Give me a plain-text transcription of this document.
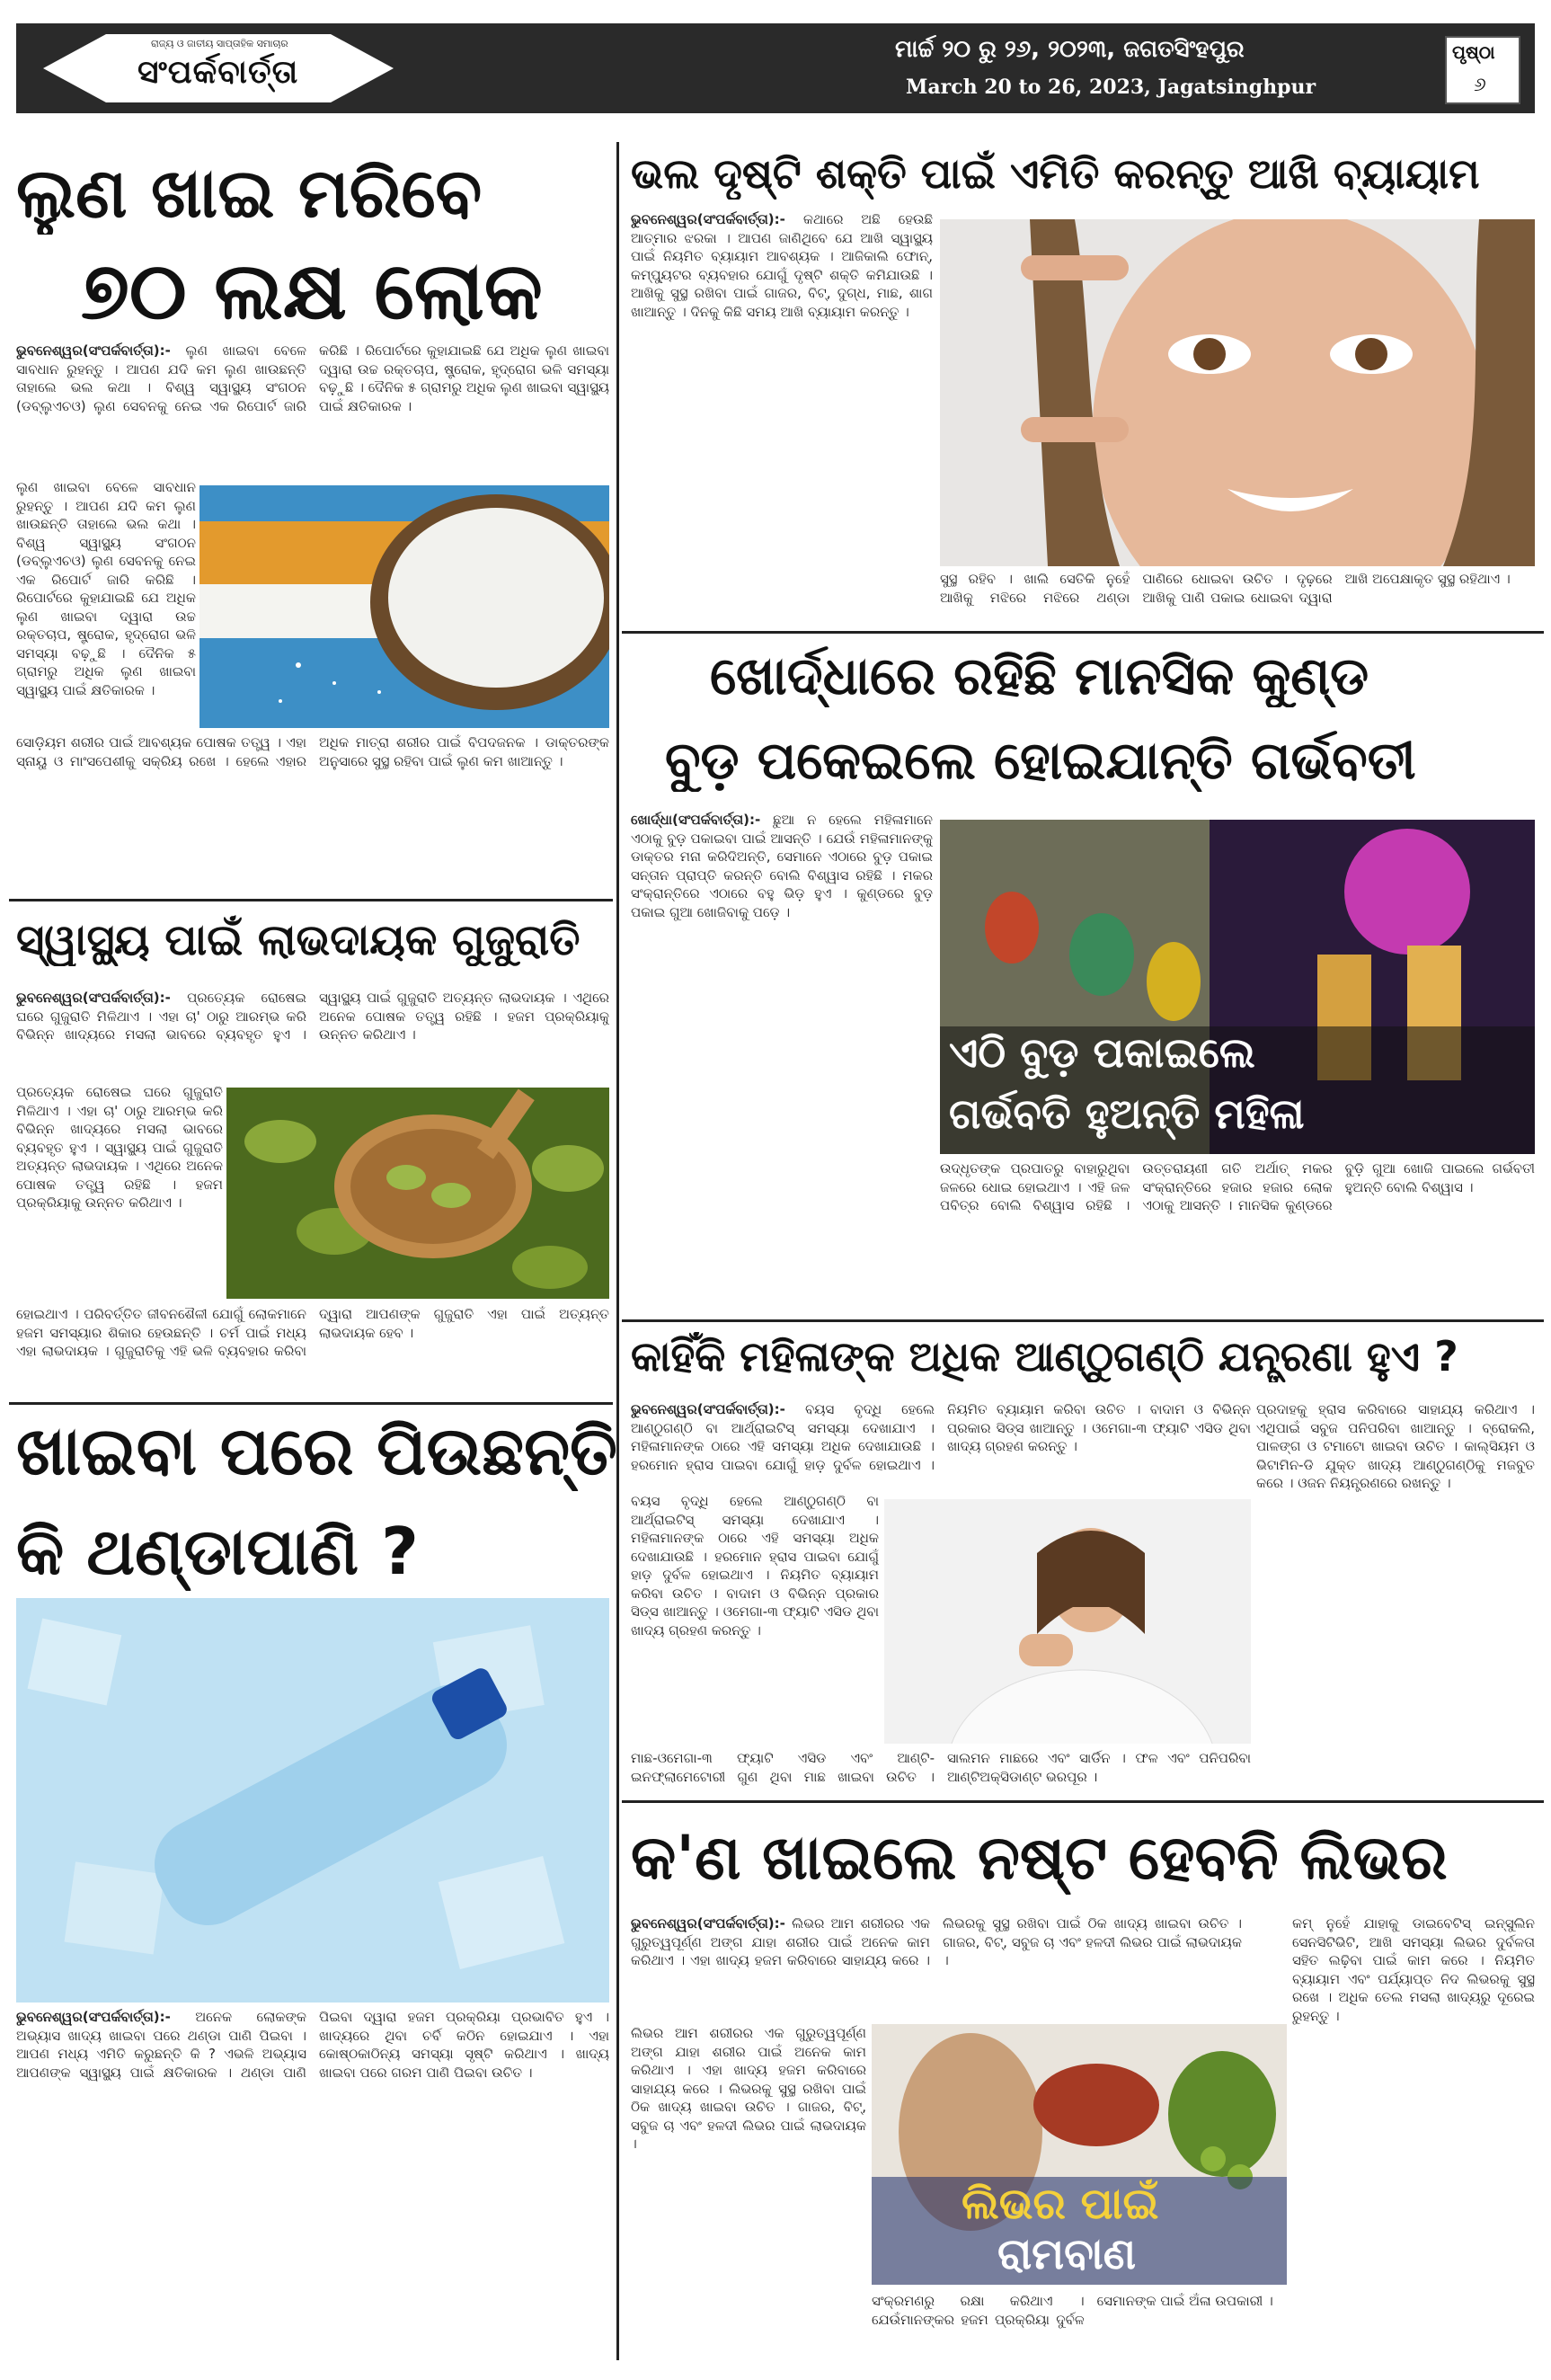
ରାଜ୍ୟ ଓ ଜାତୀୟ ସାପ୍ତାହିକ ସମାଚାର
ସଂପର୍କବାର୍ତ୍ତା
ମାର୍ଚ୍ଚ ୨୦ ରୁ ୨୬, ୨୦୨୩, ଜଗତସିଂହପୁର
March 20 to 26, 2023, Jagatsinghpur
ପୃଷ୍ଠା
୬
ଲୁଣ ଖାଇ ମରିବେ
୭୦ ଲକ୍ଷ ଲୋକ
ଭୁବନେଶ୍ୱର(ସଂପର୍କବାର୍ତ୍ତା):- ଲୁଣ ଖାଇବା ବେଳେ ସାବଧାନ ରୁହନ୍ତୁ । ଆପଣ ଯଦି କମ ଲୁଣ ଖାଉଛନ୍ତି ତାହାଲେ ଭଲ କଥା । ବିଶ୍ୱ ସ୍ୱାସ୍ଥ୍ୟ ସଂଗଠନ (ଡବ୍ଲୁଏଚଓ) ଲୁଣ ସେବନକୁ ନେଇ ଏକ ରିପୋର୍ଟ ଜାରି କରିଛି । ରିପୋର୍ଟରେ କୁହାଯାଇଛି ଯେ ଅଧିକ ଲୁଣ ଖାଇବା ଦ୍ୱାରା ଉଚ୍ଚ ରକ୍ତଚାପ, ଷ୍ଟ୍ରୋକ, ହୃଦ୍‌ରୋଗ ଭଳି ସମସ୍ୟା ବଢ଼ୁଛି । ଦୈନିକ ୫ ଗ୍ରାମରୁ ଅଧିକ ଲୁଣ ଖାଇବା ସ୍ୱାସ୍ଥ୍ୟ ପାଇଁ କ୍ଷତିକାରକ ।
ଲୁଣ ଖାଇବା ବେଳେ ସାବଧାନ ରୁହନ୍ତୁ । ଆପଣ ଯଦି କମ ଲୁଣ ଖାଉଛନ୍ତି ତାହାଲେ ଭଲ କଥା । ବିଶ୍ୱ ସ୍ୱାସ୍ଥ୍ୟ ସଂଗଠନ (ଡବ୍ଲୁଏଚଓ) ଲୁଣ ସେବନକୁ ନେଇ ଏକ ରିପୋର୍ଟ ଜାରି କରିଛି । ରିପୋର୍ଟରେ କୁହାଯାଇଛି ଯେ ଅଧିକ ଲୁଣ ଖାଇବା ଦ୍ୱାରା ଉଚ୍ଚ ରକ୍ତଚାପ, ଷ୍ଟ୍ରୋକ, ହୃଦ୍‌ରୋଗ ଭଳି ସମସ୍ୟା ବଢ଼ୁଛି । ଦୈନିକ ୫ ଗ୍ରାମରୁ ଅଧିକ ଲୁଣ ଖାଇବା ସ୍ୱାସ୍ଥ୍ୟ ପାଇଁ କ୍ଷତିକାରକ ।
ସୋଡ଼ିୟମ ଶରୀର ପାଇଁ ଆବଶ୍ୟକ ପୋଷକ ତତ୍ତ୍ୱ । ଏହା ସ୍ନାୟୁ ଓ ମାଂସପେଶୀକୁ ସକ୍ରିୟ ରଖେ । ହେଲେ ଏହାର ଅଧିକ ମାତ୍ରା ଶରୀର ପାଇଁ ବିପଦଜନକ । ଡାକ୍ତରଙ୍କ ଅନୁସାରେ ସୁସ୍ଥ ରହିବା ପାଇଁ ଲୁଣ କମ ଖାଆନ୍ତୁ ।
ସ୍ୱାସ୍ଥ୍ୟ ପାଇଁ ଲାଭଦାୟକ ଗୁଜୁରାତି
ଭୁବନେଶ୍ୱର(ସଂପର୍କବାର୍ତ୍ତା):- ପ୍ରତ୍ୟେକ ରୋଷେଇ ଘରେ ଗୁଜୁରାତି ମିଳିଥାଏ । ଏହା ଚା' ଠାରୁ ଆରମ୍ଭ କରି ବିଭିନ୍ନ ଖାଦ୍ୟରେ ମସଲା ଭାବରେ ବ୍ୟବହୃତ ହୁଏ । ସ୍ୱାସ୍ଥ୍ୟ ପାଇଁ ଗୁଜୁରାତି ଅତ୍ୟନ୍ତ ଲାଭଦାୟକ । ଏଥିରେ ଅନେକ ପୋଷକ ତତ୍ତ୍ୱ ରହିଛି । ହଜମ ପ୍ରକ୍ରିୟାକୁ ଉନ୍ନତ କରିଥାଏ ।
ପ୍ରତ୍ୟେକ ରୋଷେଇ ଘରେ ଗୁଜୁରାତି ମିଳିଥାଏ । ଏହା ଚା' ଠାରୁ ଆରମ୍ଭ କରି ବିଭିନ୍ନ ଖାଦ୍ୟରେ ମସଲା ଭାବରେ ବ୍ୟବହୃତ ହୁଏ । ସ୍ୱାସ୍ଥ୍ୟ ପାଇଁ ଗୁଜୁରାତି ଅତ୍ୟନ୍ତ ଲାଭଦାୟକ । ଏଥିରେ ଅନେକ ପୋଷକ ତତ୍ତ୍ୱ ରହିଛି । ହଜମ ପ୍ରକ୍ରିୟାକୁ ଉନ୍ନତ କରିଥାଏ ।
ହୋଇଥାଏ । ପରିବର୍ତ୍ତିତ ଜୀବନଶୈଳୀ ଯୋଗୁଁ ଲୋକମାନେ ହଜମ ସମସ୍ୟାର ଶିକାର ହେଉଛନ୍ତି । ଚର୍ମ ପାଇଁ ମଧ୍ୟ ଏହା ଲାଭଦାୟକ । ଗୁଜୁରାତିକୁ ଏହି ଭଳି ବ୍ୟବହାର କରିବା ଦ୍ୱାରା ଆପଣଙ୍କ ଗୁଜୁରାତି ଏହା ପାଇଁ ଅତ୍ୟନ୍ତ ଲାଭଦାୟକ ହେବ ।
ଖାଇବା ପରେ ପିଉଛନ୍ତି
କି ଥଣ୍ଡାପାଣି ?
ଭୁବନେଶ୍ୱର(ସଂପର୍କବାର୍ତ୍ତା):- ଅନେକ ଲୋକଙ୍କ ଅଭ୍ୟାସ ଖାଦ୍ୟ ଖାଇବା ପରେ ଥଣ୍ଡା ପାଣି ପିଇବା । ଆପଣ ମଧ୍ୟ ଏମିତି କରୁଛନ୍ତି କି ? ଏଭଳି ଅଭ୍ୟାସ ଆପଣଙ୍କ ସ୍ୱାସ୍ଥ୍ୟ ପାଇଁ କ୍ଷତିକାରକ । ଥଣ୍ଡା ପାଣି ପିଇବା ଦ୍ୱାରା ହଜମ ପ୍ରକ୍ରିୟା ପ୍ରଭାବିତ ହୁଏ । ଖାଦ୍ୟରେ ଥିବା ଚର୍ବି କଠିନ ହୋଇଯାଏ । ଏହା କୋଷ୍ଠକାଠିନ୍ୟ ସମସ୍ୟା ସୃଷ୍ଟି କରିଥାଏ । ଖାଦ୍ୟ ଖାଇବା ପରେ ଗରମ ପାଣି ପିଇବା ଉଚିତ ।
ଭଲ ଦୃଷ୍ଟି ଶକ୍ତି ପାଇଁ ଏମିତି କରନ୍ତୁ ଆଖି ବ୍ୟାୟାମ
ଭୁବନେଶ୍ୱର(ସଂପର୍କବାର୍ତ୍ତା):- କଥାରେ ଅଛି ହେଉଛି ଆତ୍ମାର ଝରକା । ଆପଣ ଜାଣିଥିବେ ଯେ ଆଖି ସ୍ୱାସ୍ଥ୍ୟ ପାଇଁ ନିୟମିତ ବ୍ୟାୟାମ ଆବଶ୍ୟକ । ଆଜିକାଲି ଫୋନ୍, କମ୍ପ୍ୟୁଟର ବ୍ୟବହାର ଯୋଗୁଁ ଦୃଷ୍ଟି ଶକ୍ତି କମିଯାଉଛି । ଆଖିକୁ ସୁସ୍ଥ ରଖିବା ପାଇଁ ଗାଜର, ବିଟ୍, ଦୁଗ୍ଧ, ମାଛ, ଶାଗ ଖାଆନ୍ତୁ । ଦିନକୁ କିଛି ସମୟ ଆଖି ବ୍ୟାୟାମ କରନ୍ତୁ ।
ସୁସ୍ଥ ରହିବ । ଖାଲି ସେତିକି ନୁହେଁ ଆଖିକୁ ମଝିରେ ମଝିରେ ଥଣ୍ଡା ପାଣିରେ ଧୋଇବା ଉଚିତ । ଦୃଢ଼ରେ ଆଖିକୁ ପାଣି ପକାଇ ଧୋଇବା ଦ୍ୱାରା ଆଖି ଅପେକ୍ଷାକୃତ ସୁସ୍ଥ ରହିଥାଏ ।
ଖୋର୍ଦ୍ଧାରେ ରହିଛି ମାନସିକ କୁଣ୍ଡ
ବୁଡ଼ ପକେଇଲେ ହୋଇଯାନ୍ତି ଗର୍ଭବତୀ
ଖୋର୍ଦ୍ଧା(ସଂପର୍କବାର୍ତ୍ତା):- ଛୁଆ ନ ହେଲେ ମହିଳାମାନେ ଏଠାକୁ ବୁଡ଼ ପକାଇବା ପାଇଁ ଆସନ୍ତି । ଯେଉଁ ମହିଳାମାନଙ୍କୁ ଡାକ୍ତର ମନା କରିଦିଅନ୍ତି, ସେମାନେ ଏଠାରେ ବୁଡ଼ ପକାଇ ସନ୍ତାନ ପ୍ରାପ୍ତି କରନ୍ତି ବୋଲି ବିଶ୍ୱାସ ରହିଛି । ମକର ସଂକ୍ରାନ୍ତିରେ ଏଠାରେ ବହୁ ଭିଡ଼ ହୁଏ । କୁଣ୍ଡରେ ବୁଡ଼ ପକାଇ ଗୁଆ ଖୋଜିବାକୁ ପଡ଼େ ।
ଏଠି ବୁଡ଼ ପକାଇଲେ
ଗର୍ଭବତି ହୁଅନ୍ତି ମହିଳା
ଉଦ୍ଧୃତଙ୍କ ପ୍ରପାତରୁ ବାହାରୁଥିବା ଜଳରେ ଧୋଇ ହୋଇଥାଏ । ଏହି ଜଳ ପବିତ୍ର ବୋଲି ବିଶ୍ୱାସ ରହିଛି । ଉତ୍ତରାୟଣୀ ଗତି ଅର୍ଥାତ୍ ମକର ସଂକ୍ରାନ୍ତିରେ ହଜାର ହଜାର ଲୋକ ଏଠାକୁ ଆସନ୍ତି । ମାନସିକ କୁଣ୍ଡରେ ବୁଡ଼ି ଗୁଆ ଖୋଜି ପାଇଲେ ଗର୍ଭବତୀ ହୁଅନ୍ତି ବୋଲି ବିଶ୍ୱାସ ।
କାହିଁକି ମହିଳାଙ୍କ ଅଧିକ ଆଣ୍ଠୁଗଣ୍ଠି ଯନ୍ତ୍ରଣା ହୁଏ ?
ଭୁବନେଶ୍ୱର(ସଂପର୍କବାର୍ତ୍ତା):- ବୟସ ବୃଦ୍ଧି ହେଲେ ଆଣ୍ଠୁଗଣ୍ଠି ବା ଆର୍ଥ୍ରାଇଟିସ୍ ସମସ୍ୟା ଦେଖାଯାଏ । ମହିଳାମାନଙ୍କ ଠାରେ ଏହି ସମସ୍ୟା ଅଧିକ ଦେଖାଯାଉଛି । ହରମୋନ ହ୍ରାସ ପାଇବା ଯୋଗୁଁ ହାଡ଼ ଦୁର୍ବଳ ହୋଇଥାଏ । ନିୟମିତ ବ୍ୟାୟାମ କରିବା ଉଚିତ । ବାଦାମ ଓ ବିଭିନ୍ନ ପ୍ରକାର ସିଡ୍ସ ଖାଆନ୍ତୁ । ଓମେଗା-୩ ଫ୍ୟାଟି ଏସିଡ ଥିବା ଖାଦ୍ୟ ଗ୍ରହଣ କରନ୍ତୁ ।
ବୟସ ବୃଦ୍ଧି ହେଲେ ଆଣ୍ଠୁଗଣ୍ଠି ବା ଆର୍ଥ୍ରାଇଟିସ୍ ସମସ୍ୟା ଦେଖାଯାଏ । ମହିଳାମାନଙ୍କ ଠାରେ ଏହି ସମସ୍ୟା ଅଧିକ ଦେଖାଯାଉଛି । ହରମୋନ ହ୍ରାସ ପାଇବା ଯୋଗୁଁ ହାଡ଼ ଦୁର୍ବଳ ହୋଇଥାଏ । ନିୟମିତ ବ୍ୟାୟାମ କରିବା ଉଚିତ । ବାଦାମ ଓ ବିଭିନ୍ନ ପ୍ରକାର ସିଡ୍ସ ଖାଆନ୍ତୁ । ଓମେଗା-୩ ଫ୍ୟାଟି ଏସିଡ ଥିବା ଖାଦ୍ୟ ଗ୍ରହଣ କରନ୍ତୁ ।
ପ୍ରଦାହକୁ ହ୍ରାସ କରିବାରେ ସାହାଯ୍ୟ କରିଥାଏ । ଏଥିପାଇଁ ସବୁଜ ପନିପରିବା ଖାଆନ୍ତୁ । ବ୍ରୋକଲି, ପାଳଙ୍ଗ ଓ ଟମାଟୋ ଖାଇବା ଉଚିତ । କାଲ୍‌ସିୟମ ଓ ଭିଟାମିନ-ଡି ଯୁକ୍ତ ଖାଦ୍ୟ ଆଣ୍ଠୁଗଣ୍ଠିକୁ ମଜବୁତ କରେ । ଓଜନ ନିୟନ୍ତ୍ରଣରେ ରଖନ୍ତୁ ।
ମାଛ-ଓମେଗା-୩ ଫ୍ୟାଟି ଏସିଡ ଏବଂ ଆଣ୍ଟି-ଇନଫ୍ଲାମେଟୋରୀ ଗୁଣ ଥିବା ମାଛ ଖାଇବା ଉଚିତ । ସାଲମନ ମାଛରେ ଏବଂ ସାର୍ଡିନ । ଫଳ ଏବଂ ପନିପରିବା ଆଣ୍ଟିଅକ୍ସିଡାଣ୍ଟ ଭରପୂର ।
କ'ଣ ଖାଇଲେ ନଷ୍ଟ ହେବନି ଲିଭର
ଭୁବନେଶ୍ୱର(ସଂପର୍କବାର୍ତ୍ତା):- ଲିଭର ଆମ ଶରୀରର ଏକ ଗୁରୁତ୍ୱପୂର୍ଣ୍ଣ ଅଙ୍ଗ ଯାହା ଶରୀର ପାଇଁ ଅନେକ କାମ କରିଥାଏ । ଏହା ଖାଦ୍ୟ ହଜମ କରିବାରେ ସାହାଯ୍ୟ କରେ । ଲିଭରକୁ ସୁସ୍ଥ ରଖିବା ପାଇଁ ଠିକ ଖାଦ୍ୟ ଖାଇବା ଉଚିତ । ଗାଜର, ବିଟ୍, ସବୁଜ ଚା ଏବଂ ହଳଦୀ ଲିଭର ପାଇଁ ଲାଭଦାୟକ ।
ଲିଭର ଆମ ଶରୀରର ଏକ ଗୁରୁତ୍ୱପୂର୍ଣ୍ଣ ଅଙ୍ଗ ଯାହା ଶରୀର ପାଇଁ ଅନେକ କାମ କରିଥାଏ । ଏହା ଖାଦ୍ୟ ହଜମ କରିବାରେ ସାହାଯ୍ୟ କରେ । ଲିଭରକୁ ସୁସ୍ଥ ରଖିବା ପାଇଁ ଠିକ ଖାଦ୍ୟ ଖାଇବା ଉଚିତ । ଗାଜର, ବିଟ୍, ସବୁଜ ଚା ଏବଂ ହଳଦୀ ଲିଭର ପାଇଁ ଲାଭଦାୟକ ।
ଲିଭର ପାଇଁ
ରାମବାଣ
କମ୍ ନୁହେଁ ଯାହାକୁ ଡାଇବେଟିସ୍ ଇନ୍‌ସୁଲିନ ସେନସିଟିଭିଟି, ଆଖି ସମସ୍ୟା ଲିଭର ଦୁର୍ବଳତା ସହିତ ଲଢ଼ିବା ପାଇଁ କାମ କରେ । ନିୟମିତ ବ୍ୟାୟାମ ଏବଂ ପର୍ଯ୍ୟାପ୍ତ ନିଦ ଲିଭରକୁ ସୁସ୍ଥ ରଖେ । ଅଧିକ ତେଲ ମସଲା ଖାଦ୍ୟରୁ ଦୂରେଇ ରୁହନ୍ତୁ ।
ସଂକ୍ରମଣରୁ ରକ୍ଷା କରିଥାଏ । ଯେଉଁମାନଙ୍କର ହଜମ ପ୍ରକ୍ରିୟା ଦୁର୍ବଳ ସେମାନଙ୍କ ପାଇଁ ଅଁଳା ଉପକାରୀ ।
